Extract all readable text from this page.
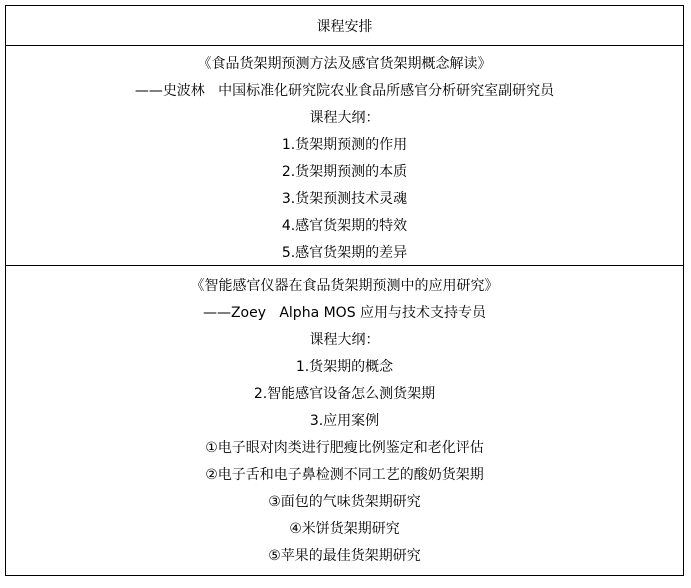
课程安排
《食品货架期预测方法及感官货架期概念解读》
——史波林   中国标准化研究院农业食品所感官分析研究室副研究员
课程大纲：
1.货架期预测的作用
2.货架期预测的本质
3.货架预测技术灵魂
4.感官货架期的特效
5.感官货架期的差异
《智能感官仪器在食品货架期预测中的应用研究》
——Zoey   Alpha MOS 应用与技术支持专员
课程大纲：
1.货架期的概念
2.智能感官设备怎么测货架期
3.应用案例
①电子眼对肉类进行肥瘦比例鉴定和老化评估
②电子舌和电子鼻检测不同工艺的酸奶货架期
③面包的气味货架期研究
④米饼货架期研究
⑤苹果的最佳货架期研究
